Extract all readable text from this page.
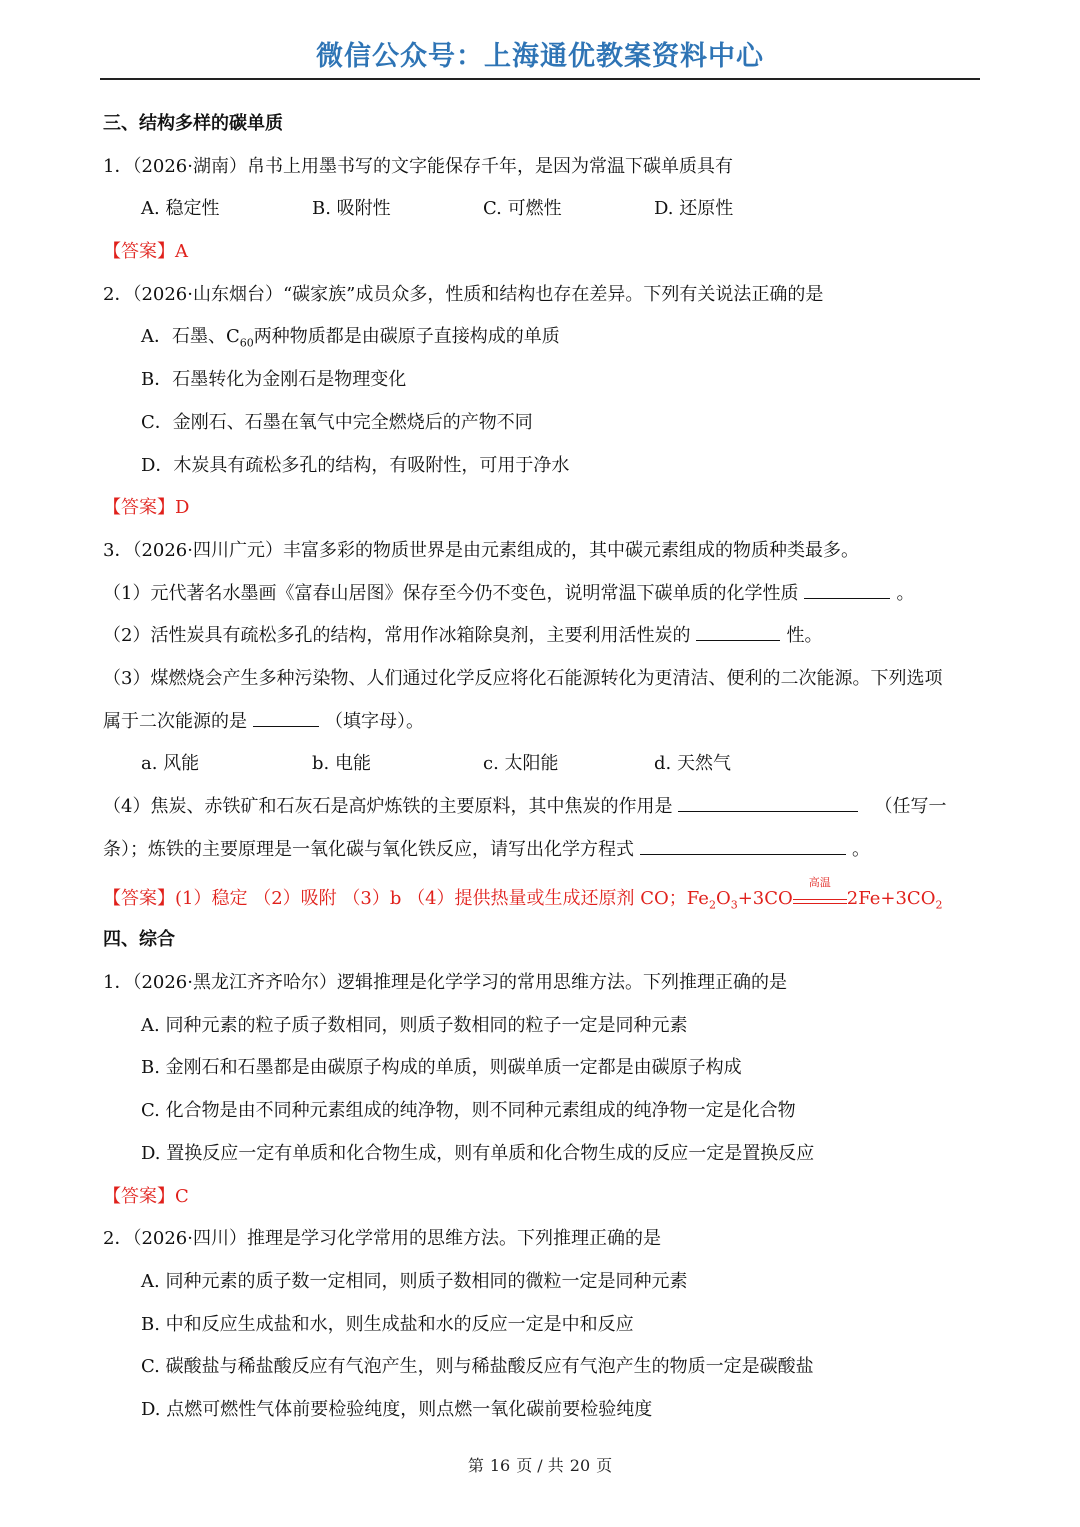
微信公众号：上海通优教案资料中心
三、结构多样的碳单质
1．（2026·湖南）帛书上用墨书写的文字能保存千年，是因为常温下碳单质具有
A. 稳定性	B. 吸附性	C. 可燃性	D. 还原性
【答案】A
2．（2026·山东烟台）“碳家族”成员众多，性质和结构也存在差异。下列有关说法正确的是
A．石墨、$C_{60}$两种物质都是由碳原子直接构成的单质
B．石墨转化为金刚石是物理变化
C．金刚石、石墨在氧气中完全燃烧后的产物不同
D．木炭具有疏松多孔的结构，有吸附性，可用于净水
【答案】D
3．（2026·四川广元）丰富多彩的物质世界是由元素组成的，其中碳元素组成的物质种类最多。
（1）元代著名水墨画《富春山居图》保存至今仍不变色，说明常温下碳单质的化学性质	。
（2）活性炭具有疏松多孔的结构，常用作冰箱除臭剂，主要利用活性炭的	性。
（3）煤燃烧会产生多种污染物、人们通过化学反应将化石能源转化为更清洁、便利的二次能源。下列选项
属于二次能源的是	（填字母）。
a. 风能	b. 电能	c. 太阳能	d. 天然气
（4）焦炭、赤铁矿和石灰石是高炉炼铁的主要原料，其中焦炭的作用是	（任写一
条）；炼铁的主要原理是一氧化碳与氧化铁反应，请写出化学方程式	。
【答案】(1）稳定 （2）吸附 （3）b （4）提供热量或生成还原剂 CO；$Fe_2O_3+3CO$
高温
$2Fe+3CO_2$
四、综合
1．（2026·黑龙江齐齐哈尔）逻辑推理是化学学习的常用思维方法。下列推理正确的是
A. 同种元素的粒子质子数相同，则质子数相同的粒子一定是同种元素
B. 金刚石和石墨都是由碳原子构成的单质，则碳单质一定都是由碳原子构成
C. 化合物是由不同种元素组成的纯净物，则不同种元素组成的纯净物一定是化合物
D. 置换反应一定有单质和化合物生成，则有单质和化合物生成的反应一定是置换反应
【答案】C
2．（2026·四川）推理是学习化学常用的思维方法。下列推理正确的是
A. 同种元素的质子数一定相同，则质子数相同的微粒一定是同种元素
B. 中和反应生成盐和水，则生成盐和水的反应一定是中和反应
C. 碳酸盐与稀盐酸反应有气泡产生，则与稀盐酸反应有气泡产生的物质一定是碳酸盐
D. 点燃可燃性气体前要检验纯度，则点燃一氧化碳前要检验纯度
第 16 页 / 共 20 页
